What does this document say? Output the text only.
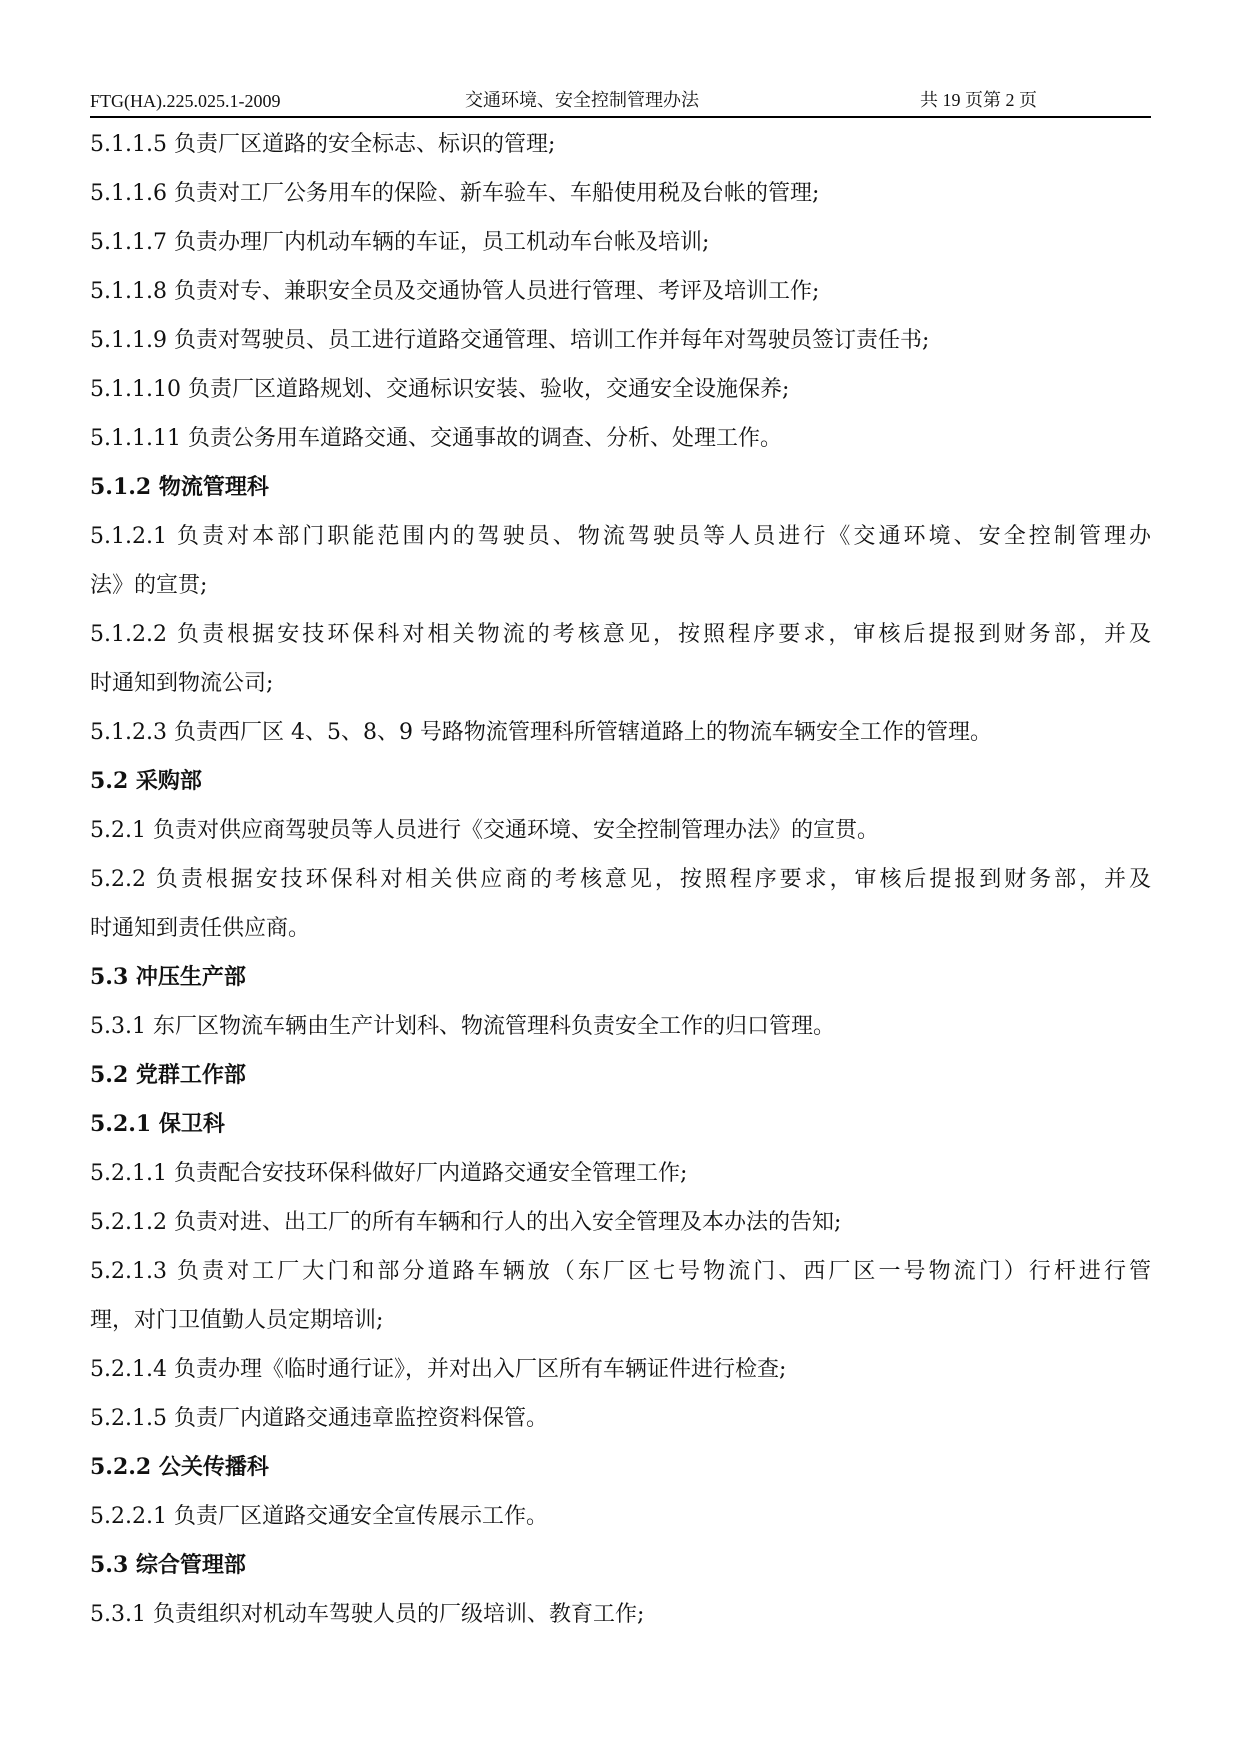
FTG(HA).225.025.1-2009	交通环境、安全控制管理办法	共 19 页第 2 页
5.1.1.5 负责厂区道路的安全标志、标识的管理;
5.1.1.6 负责对工厂公务用车的保险、新车验车、车船使用税及台帐的管理;
5.1.1.7 负责办理厂内机动车辆的车证，员工机动车台帐及培训;
5.1.1.8 负责对专、兼职安全员及交通协管人员进行管理、考评及培训工作;
5.1.1.9 负责对驾驶员、员工进行道路交通管理、培训工作并每年对驾驶员签订责任书;
5.1.1.10 负责厂区道路规划、交通标识安装、验收，交通安全设施保养;
5.1.1.11 负责公务用车道路交通、交通事故的调查、分析、处理工作。
5.1.2 物流管理科
5.1.2.1 负责对本部门职能范围内的驾驶员、物流驾驶员等人员进行《交通环境、安全控制管理办
法》的宣贯;
5.1.2.2 负责根据安技环保科对相关物流的考核意见，按照程序要求，审核后提报到财务部，并及
时通知到物流公司;
5.1.2.3 负责西厂区 4、5、8、9 号路物流管理科所管辖道路上的物流车辆安全工作的管理。
5.2 采购部
5.2.1 负责对供应商驾驶员等人员进行《交通环境、安全控制管理办法》的宣贯。
5.2.2 负责根据安技环保科对相关供应商的考核意见，按照程序要求，审核后提报到财务部，并及
时通知到责任供应商。
5.3 冲压生产部
5.3.1 东厂区物流车辆由生产计划科、物流管理科负责安全工作的归口管理。
5.2 党群工作部
5.2.1 保卫科
5.2.1.1 负责配合安技环保科做好厂内道路交通安全管理工作;
5.2.1.2 负责对进、出工厂的所有车辆和行人的出入安全管理及本办法的告知;
5.2.1.3 负责对工厂大门和部分道路车辆放（东厂区七号物流门、西厂区一号物流门）行杆进行管
理，对门卫值勤人员定期培训;
5.2.1.4 负责办理《临时通行证》，并对出入厂区所有车辆证件进行检查;
5.2.1.5 负责厂内道路交通违章监控资料保管。
5.2.2 公关传播科
5.2.2.1 负责厂区道路交通安全宣传展示工作。
5.3 综合管理部
5.3.1 负责组织对机动车驾驶人员的厂级培训、教育工作;
